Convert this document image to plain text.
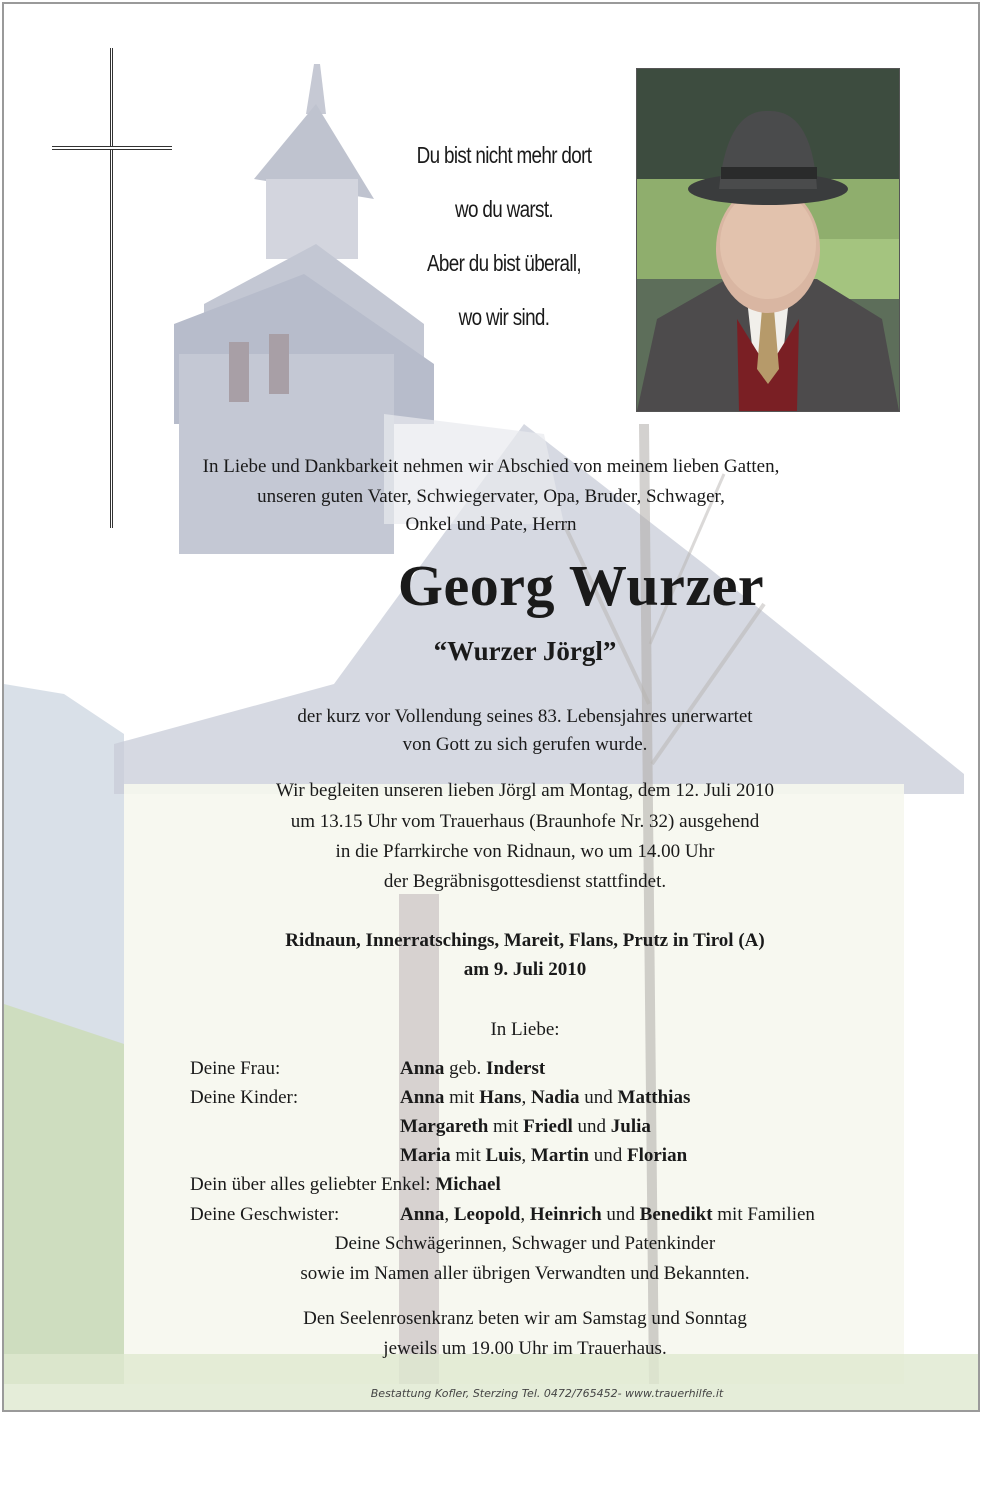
Du bist nicht mehr dort
wo du warst.
Aber du bist überall,
wo wir sind.
In Liebe und Dankbarkeit nehmen wir Abschied von meinem lieben Gatten,
unseren guten Vater, Schwiegervater, Opa, Bruder, Schwager,
Onkel und Pate, Herrn
Georg Wurzer
“Wurzer Jörgl”
der kurz vor Vollendung seines 83. Lebensjahres unerwartet
von Gott zu sich gerufen wurde.
Wir begleiten unseren lieben Jörgl am Montag, dem 12. Juli 2010
um 13.15 Uhr vom Trauerhaus (Braunhofe Nr. 32) ausgehend
in die Pfarrkirche von Ridnaun, wo um 14.00 Uhr
der Begräbnisgottesdienst stattfindet.
Ridnaun, Innerratschings, Mareit, Flans, Prutz in Tirol (A)
am 9. Juli 2010
In Liebe:
Deine Frau:	Anna geb. Inderst
Deine Kinder:	Anna mit Hans, Nadia und Matthias
Margareth mit Friedl und Julia
Maria mit Luis, Martin und Florian
Dein über alles geliebter Enkel: Michael
Deine Geschwister:	Anna, Leopold, Heinrich und Benedikt mit Familien
Deine Schwägerinnen, Schwager und Patenkinder
sowie im Namen aller übrigen Verwandten und Bekannten.
Den Seelenrosenkranz beten wir am Samstag und Sonntag
jeweils um 19.00 Uhr im Trauerhaus.
Bestattung Kofler, Sterzing Tel. 0472/765452- www.trauerhilfe.it
